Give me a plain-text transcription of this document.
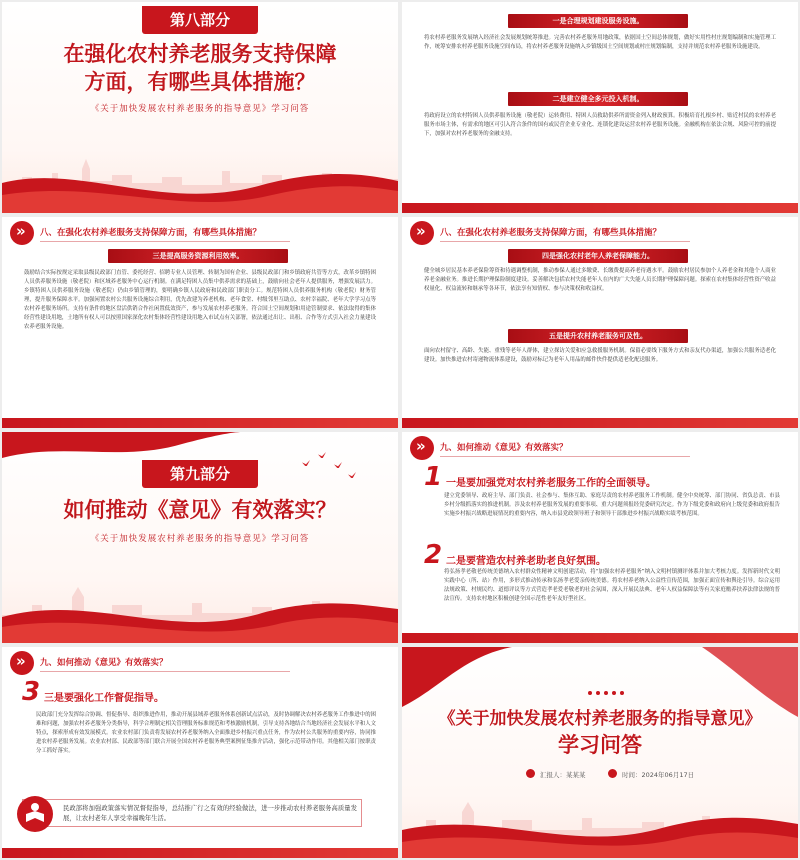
第八部分
在强化农村养老服务支持保障
方面，有哪些具体措施？
《关于加快发展农村养老服务的指导意见》学习问答
一是合理规划建设服务设施。
将农村养老服务发展纳入经济社会发展规划统筹推进。完善农村养老服务用地政策，依据国土空间总体规划，做好实用性村庄规划编制和实施管理工作，统筹安排农村养老服务设施空间布局，将农村养老服务设施纳入乡镇级国土空间规划或村庄规划编制，支持并规范农村养老服务设施建设。
二是建立健全多元投入机制。
将政府设立的农村特困人员供养服务设施（敬老院）运转费用、特困人员救助供养所需资金列入财政预算。积极培育扎根乡村、贴近村民的农村养老服务市场主体，有需求的地区可引入符合条件的国有或民营企业专业化、连锁化建设运营农村养老服务设施。金融机构在依法合规、风险可控的前提下，加强对农村养老服务的金融支持。
»
八、在强化农村养老服务支持保障方面，有哪些具体措施？
三是提高服务资源利用效率。
鼓励结合实际按规定采取县级民政部门直管、委托经营、招聘专业人员管理、转制为国有企业、县级民政部门和乡镇政府共管等方式，改革乡镇特困人员供养服务设施（敬老院）和区域养老服务中心运行机制。在满足特困人员集中供养需求的基础上，鼓励向社会老年人提供服务，增强发展活力。乡镇特困人员供养服务设施（敬老院）仍由乡镇管理的，要明确乡镇人民政府和民政部门职责分工。规范特困人员供养服务机构（敬老院）财务管理，提升服务保障水平。加强闲置农村公共服务设施综合利用，优先改建为养老机构、老年食堂、村级邻里互助点、农村幸福院、老年大学学习点等农村养老服务场所。支持有条件的地区盘活供销合作社闲置低效资产，参与发展农村养老服务。符合国土空间规划和用途管制要求、依法取得的集体经营性建设用地，土地所有权人可以按照国家深化农村集体经营性建设用地入市试点有关部署，依法通过出让、出租、合作等方式引入社会力量建设农养老服务设施。
»
八、在强化农村养老服务支持保障方面，有哪些具体措施？
四是强化农村老年人养老保障能力。
健全城乡居民基本养老保险筹资和待遇调整机制，推动参保人通过多缴费、长缴费提高养老待遇水平。鼓励农村居民参加个人养老金和其他个人商业养老金融业务。推进长期护理保险制度建设。妥善解决包括农村失能老年人在内的广大失能人员长期护理保障问题。探索在农村集体经营性资产收益权量化、权益流转和继承等各环节，依法享有知情权、参与决策权和收益权。
五是提升农村养老服务可及性。
面向农村留守、高龄、失能、重残等老年人群体，建立探访关爱和应急救援服务机制。保留必要线下服务方式和亲友代办渠道，加强公共服务适老化建设。加快推进农村寄递物流体系建设，鼓励对标记为老年人用品的邮件快件提供适老化配送服务。
第九部分
如何推动《意见》有效落实？
《关于加快发展农村养老服务的指导意见》学习问答
»
九、如何推动《意见》有效落实？
1 一是要加强党对农村养老服务工作的全面领导。
建立党委领导、政府主导、部门负责、社会参与、集体互助、家庭尽责的农村养老服务工作机制。健全中央统筹、部门协同、省负总责、市县乡村分级抓落实的推进机制。涉及农村养老服务发展的重要事项、重大问题须报经党委研究决定。作为下级党委和政府向上级党委和政府报告实施乡村振兴战略进展情况的重要内容，纳入市县党政领导班子和领导干部推进乡村振兴战略实绩考核范围。
2 二是要营造农村养老助老良好氛围。
将弘扬孝老敬老传统美德纳入农村群众性精神文明创建活动，将“加强农村养老服务”纳入文明村镇测评体系并加大考核力度。发挥新时代文明实践中心（所、站）作用，多形式推动传承和弘扬孝老爱亲传统美德。将农村养老纳入公益性宣传范围，加强正面宣传和舆论引导。综合运用法规政策、村规民约、道德评议等方式营造孝老爱老敬老的社会氛围，深入开展民法典、老年人权益保障法等有关家庭赡养扶养法律法规的普法宣传。支持农村地区积极创建全国示范性老年友好型社区。
»
九、如何推动《意见》有效落实？
3 三是要强化工作督促指导。
民政部门充分发挥综合协调、督促指导、组织推进作用，推动开展县域养老服务体系创新试点活动，及时协调解决农村养老服务工作推进中的困难和问题，加强农村养老服务分类指导，科学合理制定相关管理服务标准规范和考核激励机制，引导支持各地结合当地经济社会发展水平和人文特点，探索形成有效发展模式。农业农村部门负责将发展农村养老服务纳入全面推进乡村振兴重点任务，作为农村公共服务的重要内容，协同推进农村养老服务发展。农业农村部、民政部等部门联合开展全国农村养老服务典型案例征集推介活动，强化示范带动作用。其他相关部门按职责分工抓好落实。
民政部将加强政策落实情况督促指导，总结推广行之有效的经验做法，进一步推动农村养老服务高质量发展，让农村老年人享受幸福晚年生活。
《关于加快发展农村养老服务的指导意见》
学习问答
汇报人：某某某	时间：2024年06月17日
